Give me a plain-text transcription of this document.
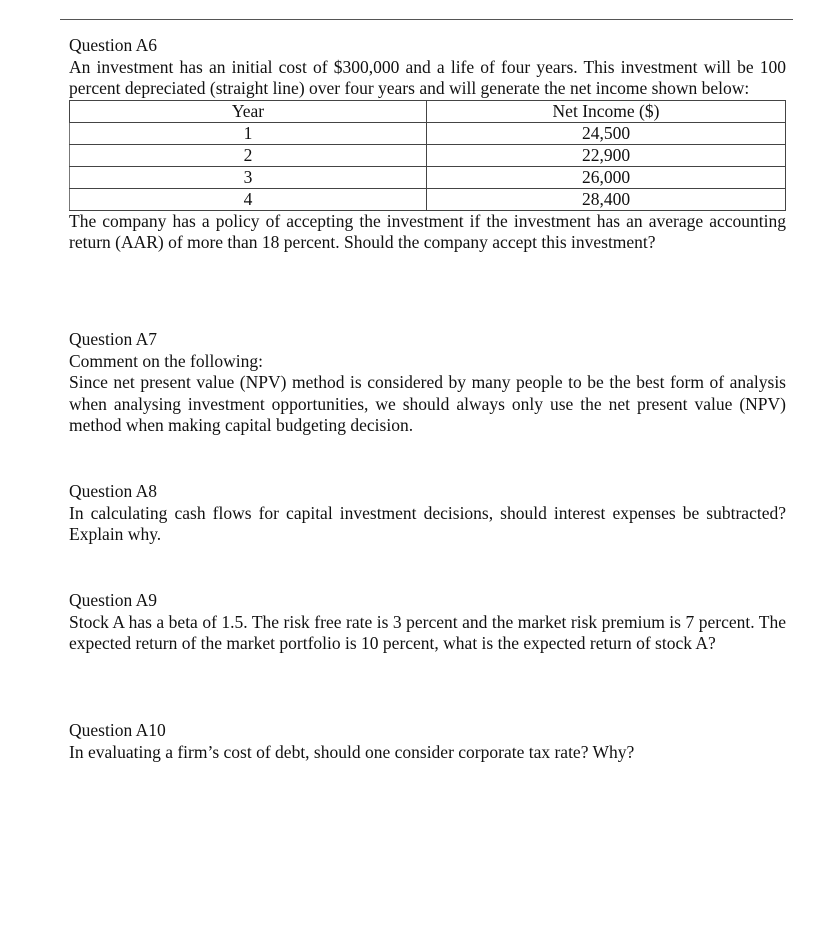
Question A6

An investment has an initial cost of $300,000 and a life of four years. This investment will be 100 percent depreciated (straight line) over four years and will generate the net income shown below:

Year	Net Income ($)
1	24,500
2	22,900
3	26,000
4	28,400

The company has a policy of accepting the investment if the investment has an average accounting return (AAR) of more than 18 percent. Should the company accept this investment?

Question A7

Comment on the following:

Since net present value (NPV) method is considered by many people to be the best form of analysis when analysing investment opportunities, we should always only use the net present value (NPV) method when making capital budgeting decision.

Question A8

In calculating cash flows for capital investment decisions, should interest expenses be subtracted? Explain why.

Question A9

Stock A has a beta of 1.5. The risk free rate is 3 percent and the market risk premium is 7 percent. The expected return of the market portfolio is 10 percent, what is the expected return of stock A?

Question A10

In evaluating a firm’s cost of debt, should one consider corporate tax rate? Why?
